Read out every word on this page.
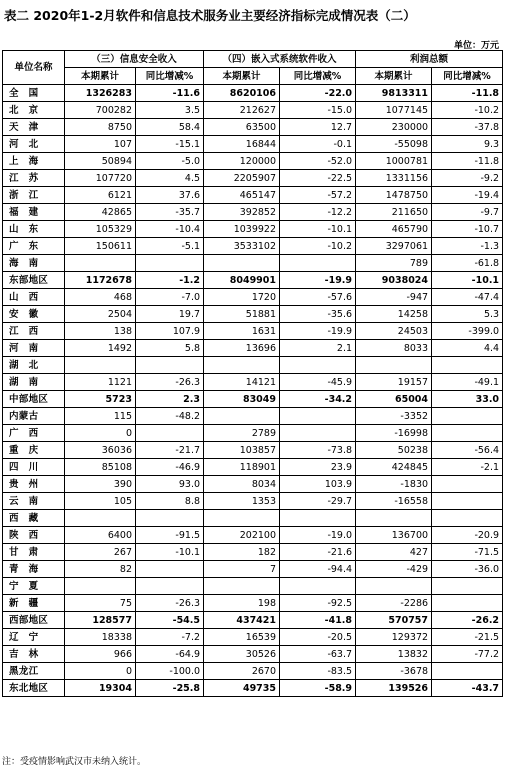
表二 2020年1-2月软件和信息技术服务业主要经济指标完成情况表（二）
单位：万元
单位名称	（三）信息安全收入		（四）嵌入式系统软件收入		利润总额	
	本期累计	同比增减%	本期累计	同比增减%	本期累计	同比增减%
全　国	1326283	-11.6	8620106	-22.0	9813311	-11.8
北　京	700282	3.5	212627	-15.0	1077145	-10.2
天　津	8750	58.4	63500	12.7	230000	-37.8
河　北	107	-15.1	16844	-0.1	-55098	9.3
上　海	50894	-5.0	120000	-52.0	1000781	-11.8
江　苏	107720	4.5	2205907	-22.5	1331156	-9.2
浙　江	6121	37.6	465147	-57.2	1478750	-19.4
福　建	42865	-35.7	392852	-12.2	211650	-9.7
山　东	105329	-10.4	1039922	-10.1	465790	-10.7
广　东	150611	-5.1	3533102	-10.2	3297061	-1.3
海　南					789	-61.8
东部地区	1172678	-1.2	8049901	-19.9	9038024	-10.1
山　西	468	-7.0	1720	-57.6	-947	-47.4
安　徽	2504	19.7	51881	-35.6	14258	5.3
江　西	138	107.9	1631	-19.9	24503	-399.0
河　南	1492	5.8	13696	2.1	8033	4.4
湖　北						
湖　南	1121	-26.3	14121	-45.9	19157	-49.1
中部地区	5723	2.3	83049	-34.2	65004	33.0
内蒙古	115	-48.2			-3352	
广　西	0		2789		-16998	
重　庆	36036	-21.7	103857	-73.8	50238	-56.4
四　川	85108	-46.9	118901	23.9	424845	-2.1
贵　州	390	93.0	8034	103.9	-1830	
云　南	105	8.8	1353	-29.7	-16558	
西　藏						
陕　西	6400	-91.5	202100	-19.0	136700	-20.9
甘　肃	267	-10.1	182	-21.6	427	-71.5
青　海	82		7	-94.4	-429	-36.0
宁　夏						
新　疆	75	-26.3	198	-92.5	-2286	
西部地区	128577	-54.5	437421	-41.8	570757	-26.2
辽　宁	18338	-7.2	16539	-20.5	129372	-21.5
吉　林	966	-64.9	30526	-63.7	13832	-77.2
黑龙江	0	-100.0	2670	-83.5	-3678	
东北地区	19304	-25.8	49735	-58.9	139526	-43.7
注：受疫情影响武汉市未纳入统计。
